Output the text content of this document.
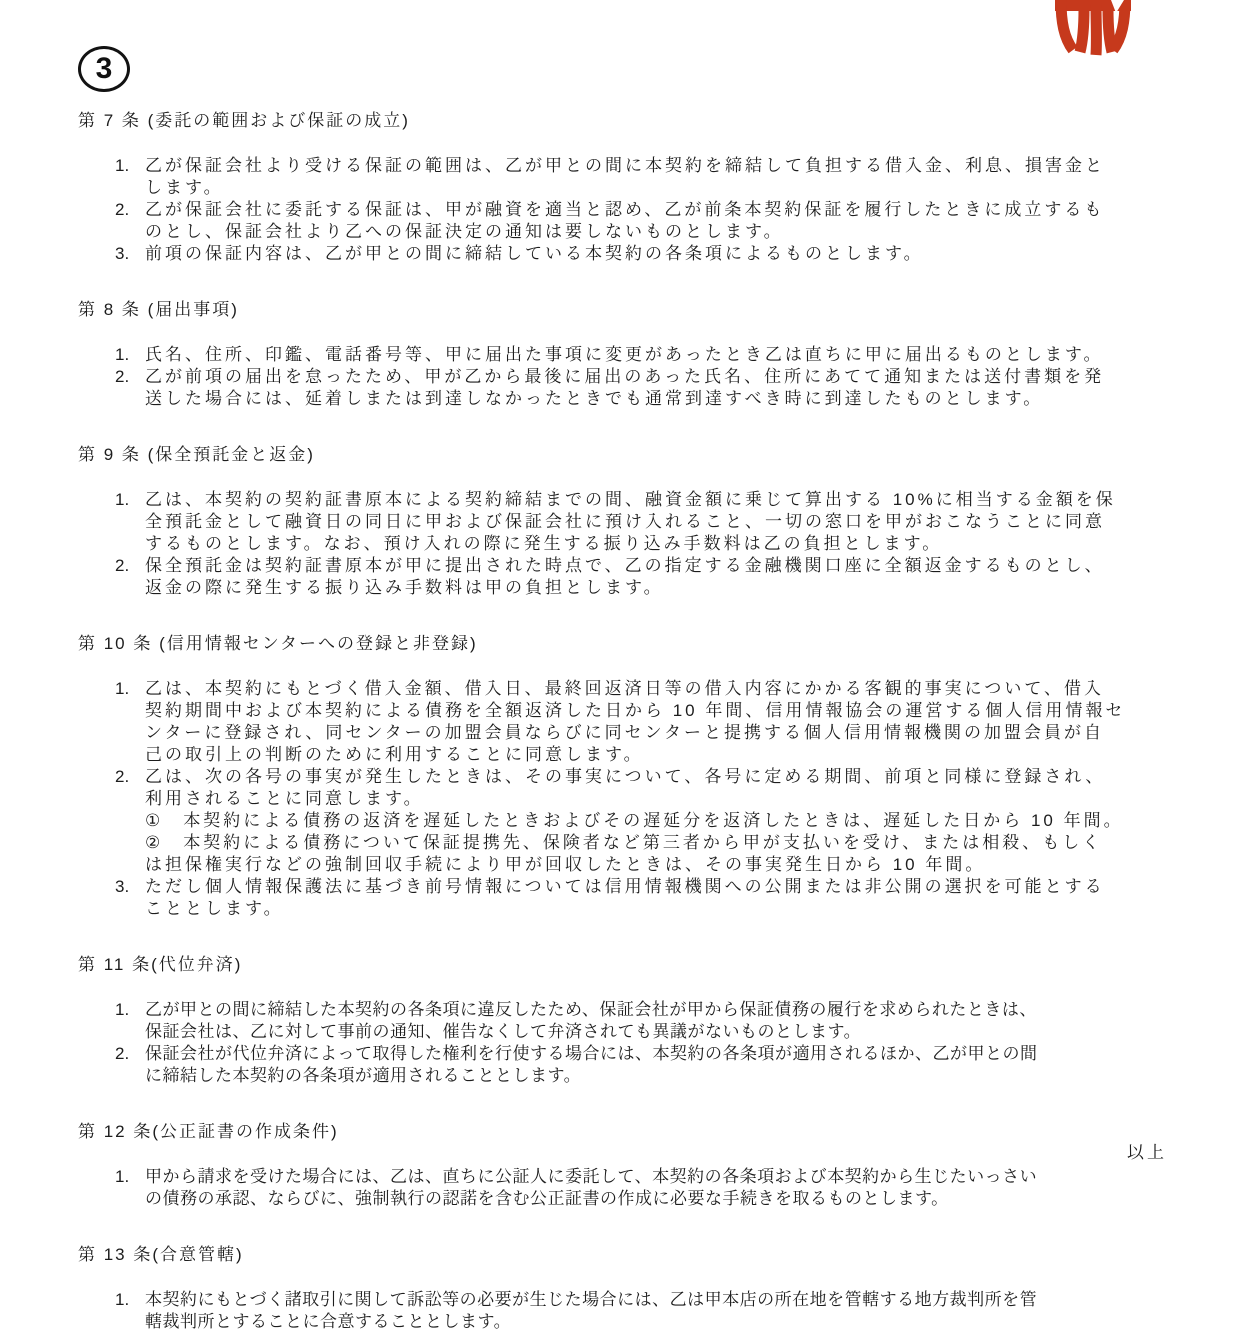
3
第 7 条 (委託の範囲および保証の成立)
1. 乙が保証会社より受ける保証の範囲は、乙が甲との間に本契約を締結して負担する借入金、利息、損害金と
します。
2. 乙が保証会社に委託する保証は、甲が融資を適当と認め、乙が前条本契約保証を履行したときに成立するも
のとし、保証会社より乙への保証決定の通知は要しないものとします。
3. 前項の保証内容は、乙が甲との間に締結している本契約の各条項によるものとします。
第 8 条 (届出事項)
1. 氏名、住所、印鑑、電話番号等、甲に届出た事項に変更があったとき乙は直ちに甲に届出るものとします。
2. 乙が前項の届出を怠ったため、甲が乙から最後に届出のあった氏名、住所にあてて通知または送付書類を発
送した場合には、延着しまたは到達しなかったときでも通常到達すべき時に到達したものとします。
第 9 条 (保全預託金と返金)
1. 乙は、本契約の契約証書原本による契約締結までの間、融資金額に乗じて算出する 10%に相当する金額を保
全預託金として融資日の同日に甲および保証会社に預け入れること、一切の窓口を甲がおこなうことに同意
するものとします。なお、預け入れの際に発生する振り込み手数料は乙の負担とします。
2. 保全預託金は契約証書原本が甲に提出された時点で、乙の指定する金融機関口座に全額返金するものとし、
返金の際に発生する振り込み手数料は甲の負担とします。
第 10 条 (信用情報センターへの登録と非登録)
1. 乙は、本契約にもとづく借入金額、借入日、最終回返済日等の借入内容にかかる客観的事実について、借入
契約期間中および本契約による債務を全額返済した日から 10 年間、信用情報協会の運営する個人信用情報セ
ンターに登録され、同センターの加盟会員ならびに同センターと提携する個人信用情報機関の加盟会員が自
己の取引上の判断のために利用することに同意します。
2. 乙は、次の各号の事実が発生したときは、その事実について、各号に定める期間、前項と同様に登録され、
利用されることに同意します。
①　本契約による債務の返済を遅延したときおよびその遅延分を返済したときは、遅延した日から 10 年間。
②　本契約による債務について保証提携先、保険者など第三者から甲が支払いを受け、または相殺、もしく
は担保権実行などの強制回収手続により甲が回収したときは、その事実発生日から 10 年間。
3. ただし個人情報保護法に基づき前号情報については信用情報機関への公開または非公開の選択を可能とする
こととします。
第 11 条(代位弁済)
1. 乙が甲との間に締結した本契約の各条項に違反したため、保証会社が甲から保証債務の履行を求められたときは、
保証会社は、乙に対して事前の通知、催告なくして弁済されても異議がないものとします。
2. 保証会社が代位弁済によって取得した権利を行使する場合には、本契約の各条項が適用されるほか、乙が甲との間
に締結した本契約の各条項が適用されることとします。
第 12 条(公正証書の作成条件)
1. 甲から請求を受けた場合には、乙は、直ちに公証人に委託して、本契約の各条項および本契約から生じたいっさい
の債務の承認、ならびに、強制執行の認諾を含む公正証書の作成に必要な手続きを取るものとします。
第 13 条(合意管轄)
1. 本契約にもとづく諸取引に関して訴訟等の必要が生じた場合には、乙は甲本店の所在地を管轄する地方裁判所を管
轄裁判所とすることに合意することとします。
以上
